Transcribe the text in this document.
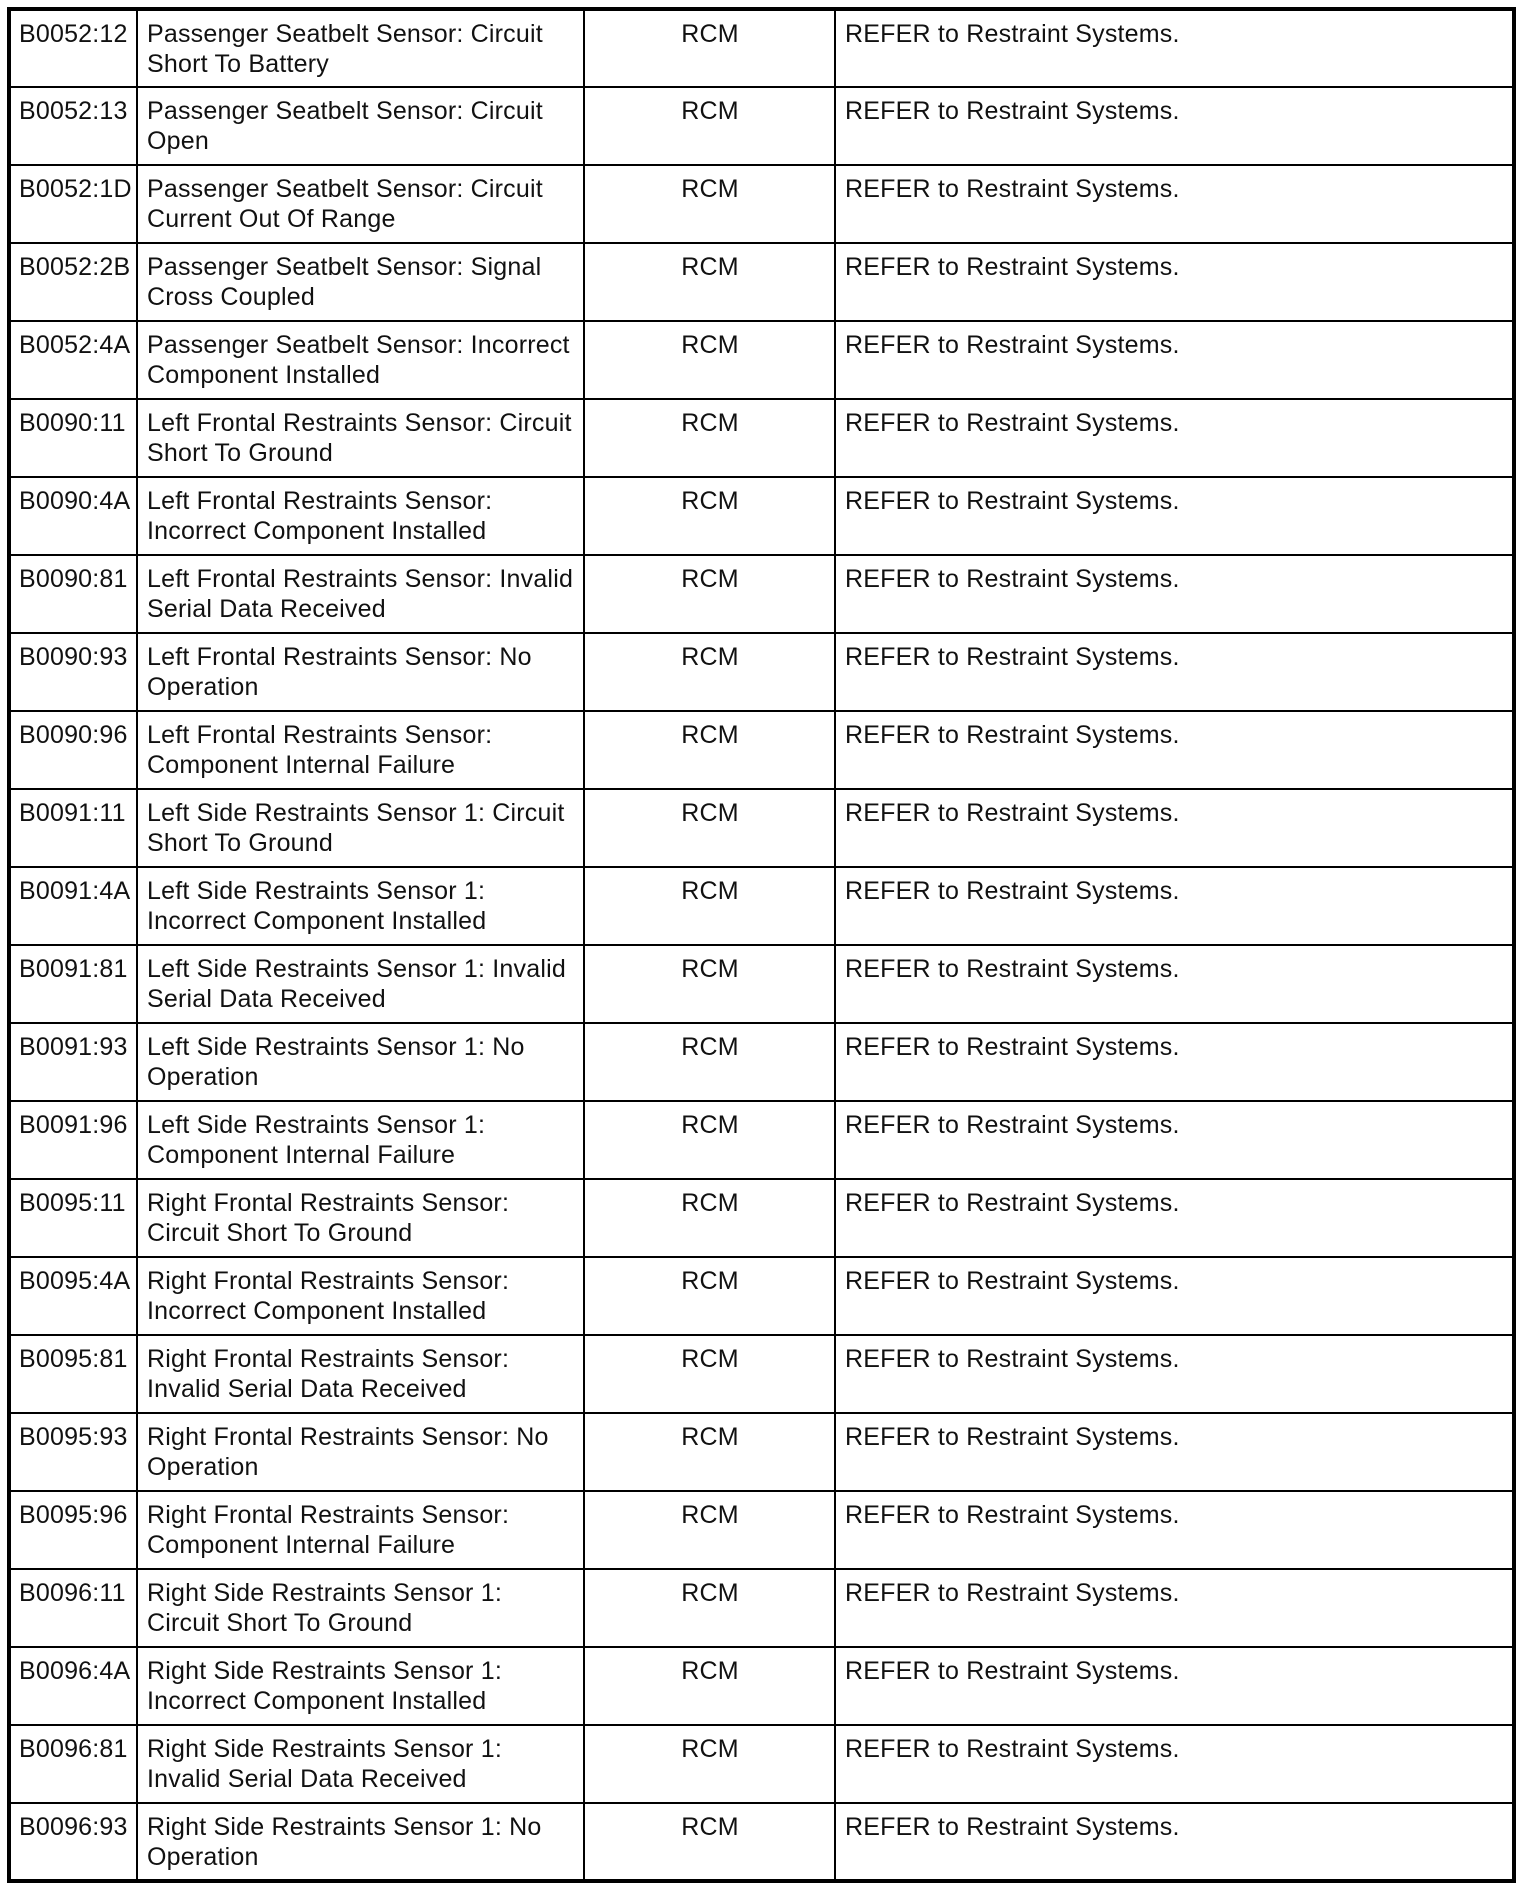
B0052:12	Passenger Seatbelt Sensor: Circuit Short To Battery	RCM	REFER to Restraint Systems.
B0052:13	Passenger Seatbelt Sensor: Circuit Open	RCM	REFER to Restraint Systems.
B0052:1D	Passenger Seatbelt Sensor: Circuit Current Out Of Range	RCM	REFER to Restraint Systems.
B0052:2B	Passenger Seatbelt Sensor: Signal Cross Coupled	RCM	REFER to Restraint Systems.
B0052:4A	Passenger Seatbelt Sensor: Incorrect Component Installed	RCM	REFER to Restraint Systems.
B0090:11	Left Frontal Restraints Sensor: Circuit Short To Ground	RCM	REFER to Restraint Systems.
B0090:4A	Left Frontal Restraints Sensor: Incorrect Component Installed	RCM	REFER to Restraint Systems.
B0090:81	Left Frontal Restraints Sensor: Invalid Serial Data Received	RCM	REFER to Restraint Systems.
B0090:93	Left Frontal Restraints Sensor: No Operation	RCM	REFER to Restraint Systems.
B0090:96	Left Frontal Restraints Sensor: Component Internal Failure	RCM	REFER to Restraint Systems.
B0091:11	Left Side Restraints Sensor 1: Circuit Short To Ground	RCM	REFER to Restraint Systems.
B0091:4A	Left Side Restraints Sensor 1: Incorrect Component Installed	RCM	REFER to Restraint Systems.
B0091:81	Left Side Restraints Sensor 1: Invalid Serial Data Received	RCM	REFER to Restraint Systems.
B0091:93	Left Side Restraints Sensor 1: No Operation	RCM	REFER to Restraint Systems.
B0091:96	Left Side Restraints Sensor 1: Component Internal Failure	RCM	REFER to Restraint Systems.
B0095:11	Right Frontal Restraints Sensor: Circuit Short To Ground	RCM	REFER to Restraint Systems.
B0095:4A	Right Frontal Restraints Sensor: Incorrect Component Installed	RCM	REFER to Restraint Systems.
B0095:81	Right Frontal Restraints Sensor: Invalid Serial Data Received	RCM	REFER to Restraint Systems.
B0095:93	Right Frontal Restraints Sensor: No Operation	RCM	REFER to Restraint Systems.
B0095:96	Right Frontal Restraints Sensor: Component Internal Failure	RCM	REFER to Restraint Systems.
B0096:11	Right Side Restraints Sensor 1: Circuit Short To Ground	RCM	REFER to Restraint Systems.
B0096:4A	Right Side Restraints Sensor 1: Incorrect Component Installed	RCM	REFER to Restraint Systems.
B0096:81	Right Side Restraints Sensor 1: Invalid Serial Data Received	RCM	REFER to Restraint Systems.
B0096:93	Right Side Restraints Sensor 1: No Operation	RCM	REFER to Restraint Systems.
